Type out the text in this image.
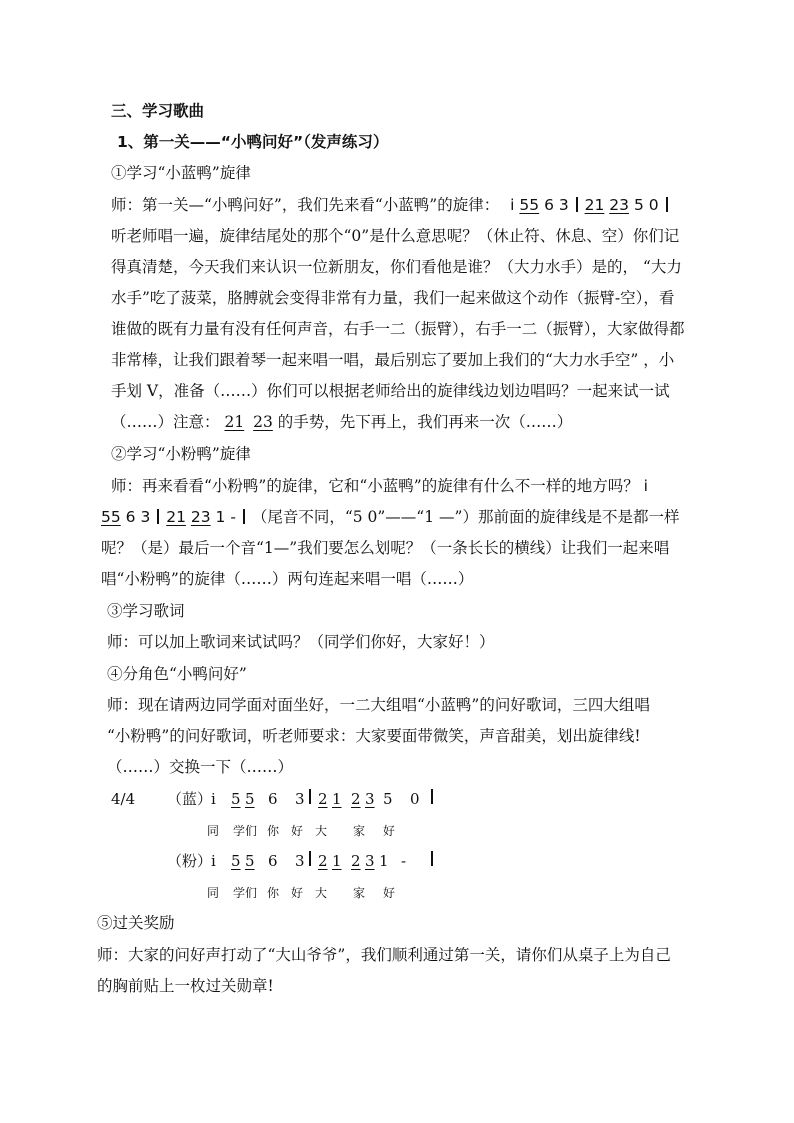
三、学习歌曲
1、第一关——“小鸭问好”（发声练习）
①学习“小蓝鸭”旋律
师：第一关—“小鸭问好”，我们先来看“小蓝鸭”的旋律： i 55 6 3 21 23 5 0
听老师唱一遍，旋律结尾处的那个“0”是什么意思呢？（休止符、休息、空）你们记
得真清楚，今天我们来认识一位新朋友，你们看他是谁？（大力水手）是的， “大力
水手”吃了菠菜，胳膊就会变得非常有力量，我们一起来做这个动作（振臂-空），看
谁做的既有力量有没有任何声音，右手一二（振臂），右手一二（振臂），大家做得都
非常棒，让我们跟着琴一起来唱一唱，最后别忘了要加上我们的“大力水手空” ，小
手划 V，准备（……）你们可以根据老师给出的旋律线边划边唱吗？一起来试一试
（……）注意： 21 23 的手势，先下再上，我们再来一次（……）
②学习“小粉鸭”旋律
师：再来看看“小粉鸭”的旋律，它和“小蓝鸭”的旋律有什么不一样的地方吗？ i
55 6 3 21 23 1 - （尾音不同，“5 0”——“1 —”）那前面的旋律线是不是都一样
呢？（是）最后一个音“1—”我们要怎么划呢？（一条长长的横线）让我们一起来唱
唱“小粉鸭”的旋律（……）两句连起来唱一唱（……）
③学习歌词
师：可以加上歌词来试试吗？（同学们你好，大家好！）
④分角色“小鸭问好”
师：现在请两边同学面对面坐好，一二大组唱“小蓝鸭”的问好歌词，三四大组唱
“小粉鸭”的问好歌词，听老师要求：大家要面带微笑，声音甜美，划出旋律线!
（……）交换一下（……）
4/4 （蓝）
i 5 5 6 3 2 1 2 3 5 0
同 学们 你 好 大 家 好
（粉）
i 5 5 6 3 2 1 2 3 1 -
同 学们 你 好 大 家 好
⑤过关奖励
师：大家的问好声打动了“大山爷爷”，我们顺利通过第一关，请你们从桌子上为自己
的胸前贴上一枚过关勋章!
